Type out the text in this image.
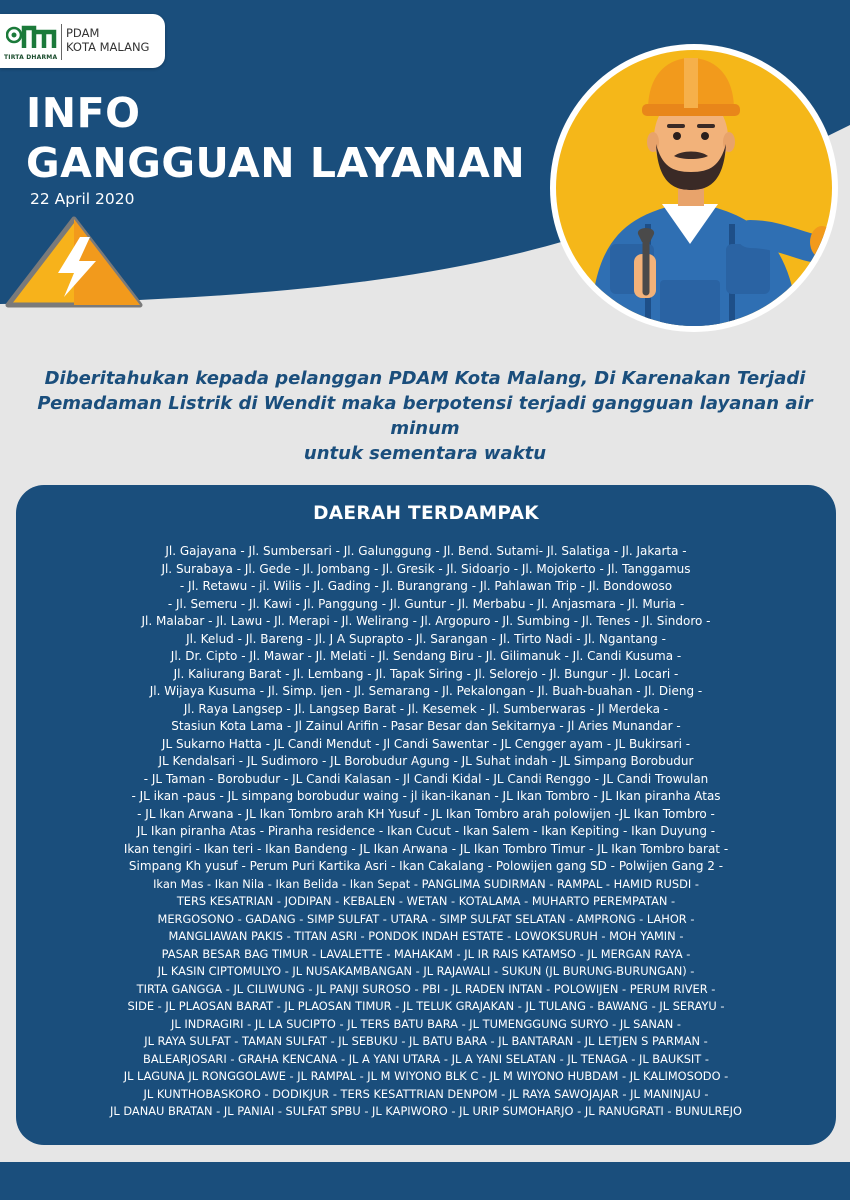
TIRTA DHARMA
PDAM
KOTA MALANG
INFO
GANGGUAN LAYANAN
22 April 2020
Diberitahukan kepada pelanggan PDAM Kota Malang, Di Karenakan Terjadi
Pemadaman Listrik di Wendit maka berpotensi terjadi gangguan layanan air minum
untuk sementara waktu
DAERAH TERDAMPAK
Jl. Gajayana - Jl. Sumbersari - Jl. Galunggung - Jl. Bend. Sutami- Jl. Salatiga - Jl. Jakarta -
Jl. Surabaya - Jl. Gede - Jl. Jombang - Jl. Gresik - Jl. Sidoarjo - Jl. Mojokerto - Jl. Tanggamus
- Jl. Retawu - jl. Wilis - Jl. Gading - Jl. Burangrang - Jl. Pahlawan Trip - Jl. Bondowoso
- Jl. Semeru - Jl. Kawi - Jl. Panggung - Jl. Guntur - Jl. Merbabu - Jl. Anjasmara - Jl. Muria -
Jl. Malabar - Jl. Lawu - Jl. Merapi - Jl. Welirang - Jl. Argopuro - Jl. Sumbing - Jl. Tenes - Jl. Sindoro -
Jl. Kelud - Jl. Bareng - Jl. J A Suprapto - Jl. Sarangan - Jl. Tirto Nadi - Jl. Ngantang -
Jl. Dr. Cipto - Jl. Mawar - Jl. Melati - Jl. Sendang Biru - Jl. Gilimanuk - Jl. Candi Kusuma -
Jl. Kaliurang Barat - Jl. Lembang - Jl. Tapak Siring - Jl. Selorejo - Jl. Bungur - Jl. Locari -
Jl. Wijaya Kusuma - Jl. Simp. Ijen - Jl. Semarang - Jl. Pekalongan - Jl. Buah-buahan - Jl. Dieng -
Jl. Raya Langsep - Jl. Langsep Barat - Jl. Kesemek - Jl. Sumberwaras - Jl Merdeka -
Stasiun Kota Lama - Jl Zainul Arifin - Pasar Besar dan Sekitarnya - Jl Aries Munandar -
JL Sukarno Hatta - JL Candi Mendut - Jl Candi Sawentar - JL Cengger ayam - JL Bukirsari -
JL Kendalsari - JL Sudimoro - JL Borobudur Agung - JL Suhat indah - JL Simpang Borobudur
- JL Taman - Borobudur - JL Candi Kalasan - Jl Candi Kidal - JL Candi Renggo - JL Candi Trowulan
- JL ikan -paus - JL simpang borobudur waing - jl ikan-ikanan - JL Ikan Tombro - JL Ikan piranha Atas
- JL Ikan Arwana - JL Ikan Tombro arah KH Yusuf - JL Ikan Tombro arah polowijen -JL Ikan Tombro -
JL Ikan piranha Atas - Piranha residence - Ikan Cucut - Ikan Salem - Ikan Kepiting - Ikan Duyung -
Ikan tengiri - Ikan teri - Ikan Bandeng - JL Ikan Arwana - JL Ikan Tombro Timur - JL Ikan Tombro barat -
Simpang Kh yusuf - Perum Puri Kartika Asri - Ikan Cakalang - Polowijen gang SD - Polwijen Gang 2 -
Ikan Mas - Ikan Nila - Ikan Belida - Ikan Sepat - PANGLIMA SUDIRMAN - RAMPAL - HAMID RUSDI -
TERS KESATRIAN - JODIPAN - KEBALEN - WETAN - KOTALAMA - MUHARTO PEREMPATAN -
MERGOSONO - GADANG - SIMP SULFAT - UTARA - SIMP SULFAT SELATAN - AMPRONG - LAHOR -
MANGLIAWAN PAKIS - TITAN ASRI - PONDOK INDAH ESTATE - LOWOKSURUH - MOH YAMIN -
PASAR BESAR BAG TIMUR - LAVALETTE - MAHAKAM - JL IR RAIS KATAMSO - JL MERGAN RAYA -
JL KASIN CIPTOMULYO - JL NUSAKAMBANGAN - JL RAJAWALI - SUKUN (JL BURUNG-BURUNGAN) -
TIRTA GANGGA - JL CILIWUNG - JL PANJI SUROSO - PBI - JL RADEN INTAN - POLOWIJEN - PERUM RIVER -
SIDE - JL PLAOSAN BARAT - JL PLAOSAN TIMUR - JL TELUK GRAJAKAN - JL TULANG - BAWANG - JL SERAYU -
JL INDRAGIRI - JL LA SUCIPTO - JL TERS BATU BARA - JL TUMENGGUNG SURYO - JL SANAN -
JL RAYA SULFAT - TAMAN SULFAT - JL SEBUKU - JL BATU BARA - JL BANTARAN - JL LETJEN S PARMAN -
BALEARJOSARI - GRAHA KENCANA - JL A YANI UTARA - JL A YANI SELATAN - JL TENAGA - JL BAUKSIT -
JL LAGUNA JL RONGGOLAWE - JL RAMPAL - JL M WIYONO BLK C - JL M WIYONO HUBDAM - JL KALIMOSODO -
JL KUNTHOBASKORO - DODIKJUR - TERS KESATTRIAN DENPOM - JL RAYA SAWOJAJAR - JL MANINJAU -
JL DANAU BRATAN - JL PANIAI - SULFAT SPBU - JL KAPIWORO - JL URIP SUMOHARJO - JL RANUGRATI - BUNULREJO
